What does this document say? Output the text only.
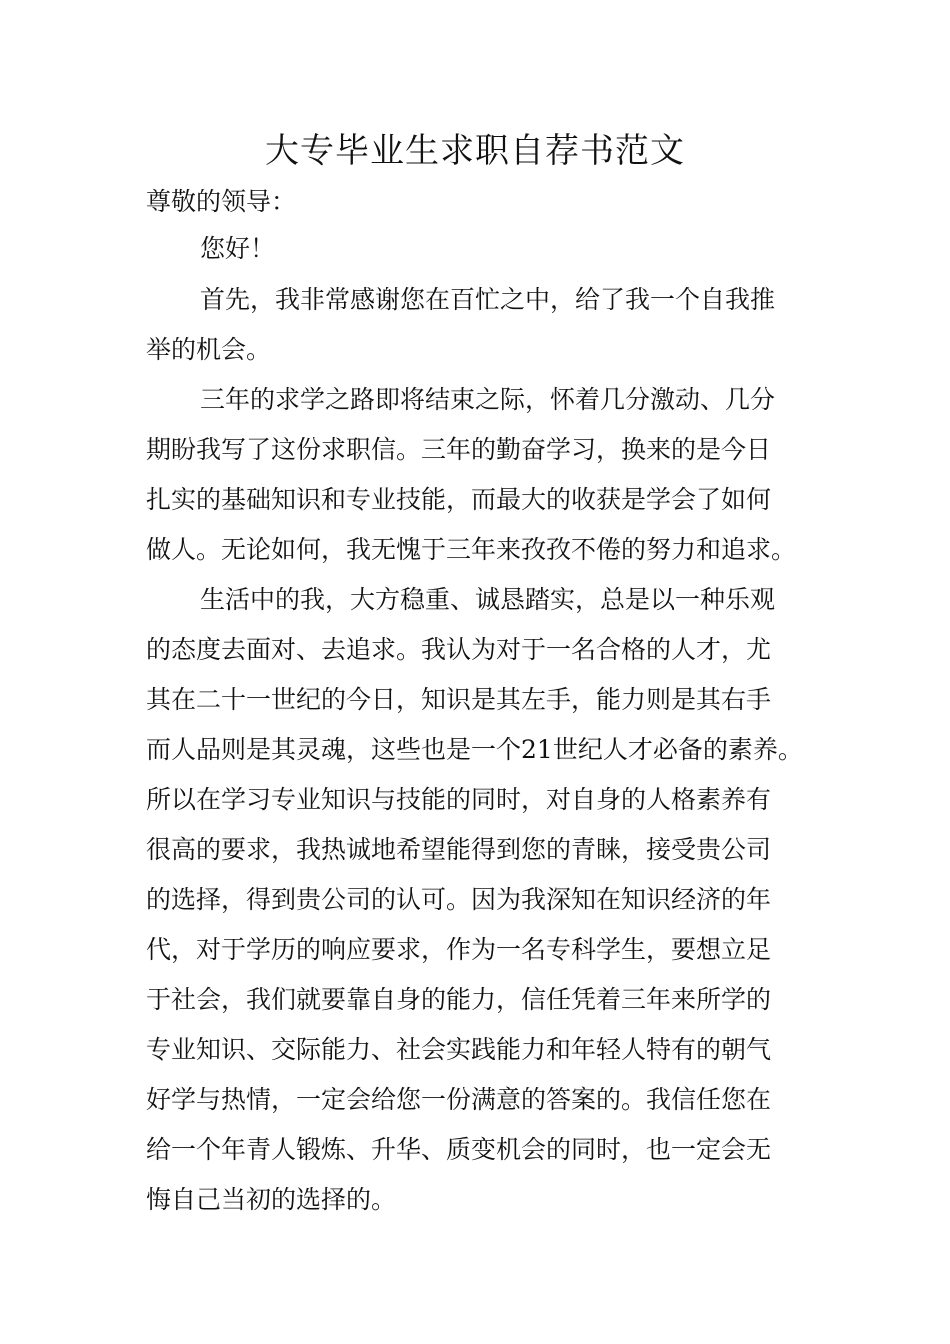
大专毕业生求职自荐书范文

尊敬的领导：

您好！

首先，我非常感谢您在百忙之中，给了我一个自我推
举的机会。
三年的求学之路即将结束之际，怀着几分激动、几分
期盼我写了这份求职信。三年的勤奋学习，换来的是今日
扎实的基础知识和专业技能，而最大的收获是学会了如何
做人。无论如何，我无愧于三年来孜孜不倦的努力和追求。
生活中的我，大方稳重、诚恳踏实，总是以一种乐观
的态度去面对、去追求。我认为对于一名合格的人才，尤
其在二十一世纪的今日，知识是其左手，能力则是其右手
而人品则是其灵魂，这些也是一个21世纪人才必备的素养。
所以在学习专业知识与技能的同时，对自身的人格素养有
很高的要求，我热诚地希望能得到您的青睐，接受贵公司
的选择，得到贵公司的认可。因为我深知在知识经济的年
代，对于学历的响应要求，作为一名专科学生，要想立足
于社会，我们就要靠自身的能力，信任凭着三年来所学的
专业知识、交际能力、社会实践能力和年轻人特有的朝气
好学与热情，一定会给您一份满意的答案的。我信任您在
给一个年青人锻炼、升华、质变机会的同时，也一定会无
悔自己当初的选择的。
